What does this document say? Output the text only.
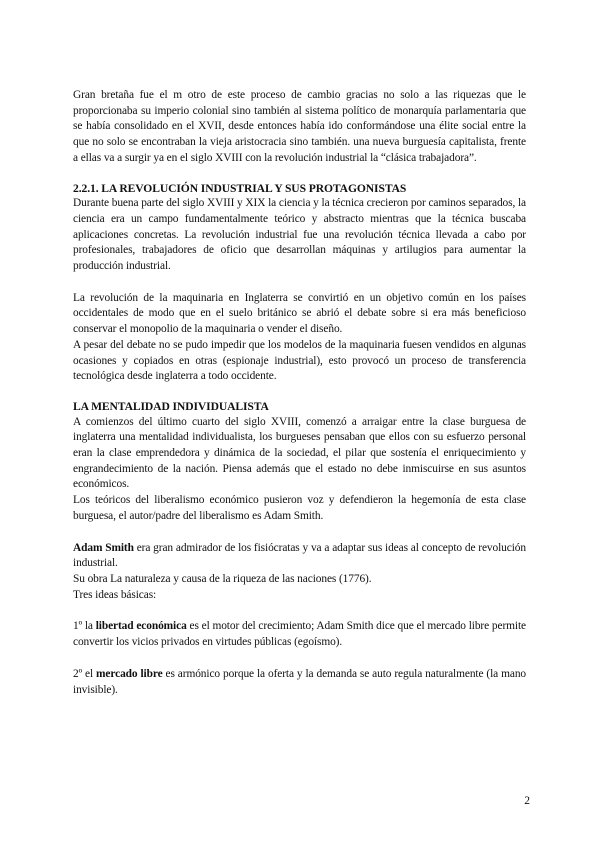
Gran bretaña fue el m otro de este proceso de cambio gracias no solo a las riquezas que le proporcionaba su imperio colonial sino también al sistema político de monarquía parlamentaria que se había consolidado en el XVII, desde entonces había ido conformándose una élite social entre la que no solo se encontraban la vieja aristocracia sino también. una nueva burguesía capitalista, frente a ellas va a surgir ya en el siglo XVIII con la revolución industrial la “clásica trabajadora”.

2.2.1. LA REVOLUCIÓN INDUSTRIAL Y SUS PROTAGONISTAS

Durante buena parte del siglo XVIII y XIX la ciencia y la técnica crecieron por caminos separados, la ciencia era un campo fundamentalmente teórico y abstracto mientras que la técnica buscaba aplicaciones concretas. La revolución industrial fue una revolución técnica llevada a cabo por profesionales, trabajadores de oficio que desarrollan máquinas y artilugios para aumentar la producción industrial.

La revolución de la maquinaria en Inglaterra se convirtió en un objetivo común en los países occidentales de modo que en el suelo británico se abrió el debate sobre si era más beneficioso conservar el monopolio de la maquinaria o vender el diseño.

A pesar del debate no se pudo impedir que los modelos de la maquinaria fuesen vendidos en algunas ocasiones y copiados en otras (espionaje industrial), esto provocó un proceso de transferencia tecnológica desde inglaterra a todo occidente.

LA MENTALIDAD INDIVIDUALISTA

A comienzos del último cuarto del siglo XVIII, comenzó a arraigar entre la clase burguesa de inglaterra una mentalidad individualista, los burgueses pensaban que ellos con su esfuerzo personal eran la clase emprendedora y dinámica de la sociedad, el pilar que sostenía el enriquecimiento y engrandecimiento de la nación. Piensa además que el estado no debe inmiscuirse en sus asuntos económicos.

Los teóricos del liberalismo económico pusieron voz y defendieron la hegemonía de esta clase burguesa, el autor/padre del liberalismo es Adam Smith.

Adam Smith era gran admirador de los fisiócratas y va a adaptar sus ideas al concepto de revolución industrial.

Su obra La naturaleza y causa de la riqueza de las naciones (1776).

Tres ideas básicas:

1º la libertad económica es el motor del crecimiento; Adam Smith dice que el mercado libre permite convertir los vicios privados en virtudes públicas (egoísmo).

2º el mercado libre es armónico porque la oferta y la demanda se auto regula naturalmente (la mano invisible).

2
